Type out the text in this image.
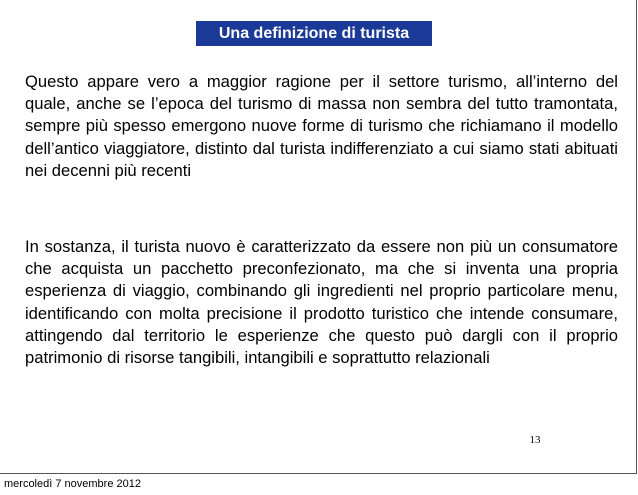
Una definizione di turista

Questo appare vero a maggior ragione per il settore turismo, all’interno del quale, anche se l’epoca del turismo di massa non sembra del tutto tramontata, sempre più spesso emergono nuove forme di turismo che richiamano il modello dell’antico viaggiatore, distinto dal turista indifferenziato a cui siamo stati abituati nei decenni più recenti

In sostanza, il turista nuovo è caratterizzato da essere non più un consumatore che acquista un pacchetto preconfezionato, ma che si inventa una propria esperienza di viaggio, combinando gli ingredienti nel proprio particolare menu, identificando con molta precisione il prodotto turistico che intende consumare, attingendo dal territorio le esperienze che questo può dargli con il proprio patrimonio di risorse tangibili, intangibili e soprattutto relazionali

13
mercoledì 7 novembre 2012
